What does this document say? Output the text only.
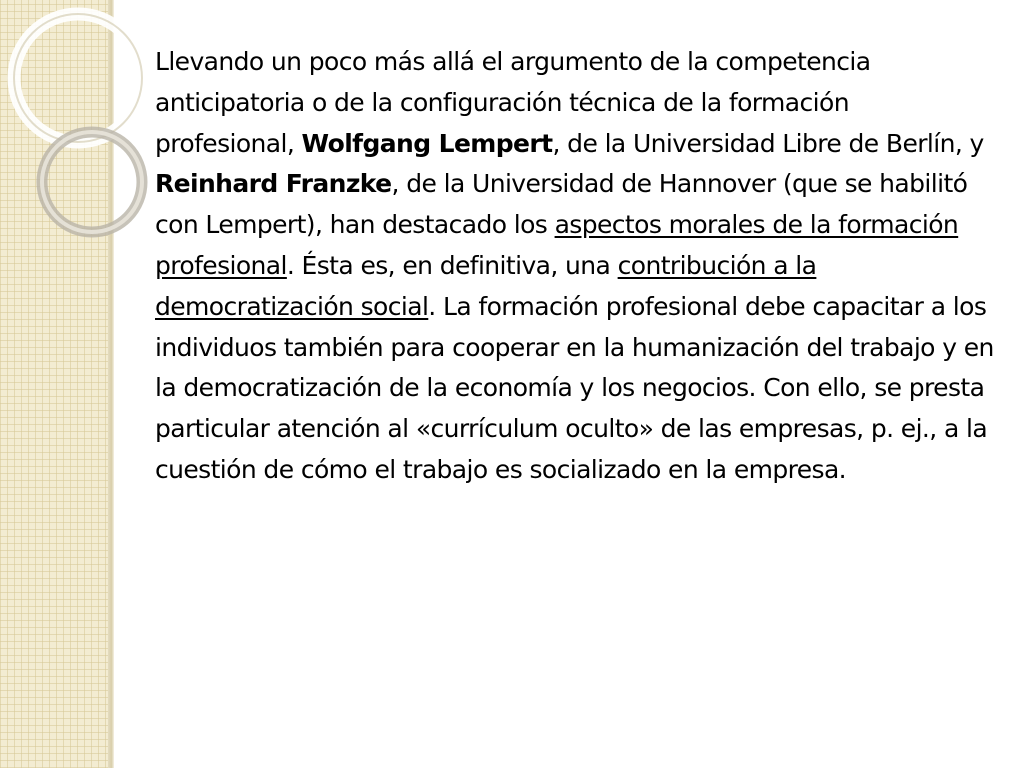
Llevando un poco más allá el argumento de la competencia anticipatoria o de la configuración técnica de la formación profesional, Wolfgang Lempert, de la Universidad Libre de Berlín, y Reinhard Franzke, de la Universidad de Hannover (que se habilitó con Lempert), han destacado los aspectos morales de la formación profesional. Ésta es, en definitiva, una contribución a la democratización social. La formación profesional debe capacitar a los individuos también para cooperar en la humanización del trabajo y en la democratización de la economía y los negocios. Con ello, se presta particular atención al «currículum oculto» de las empresas, p. ej., a la cuestión de cómo el trabajo es socializado en la empresa.
